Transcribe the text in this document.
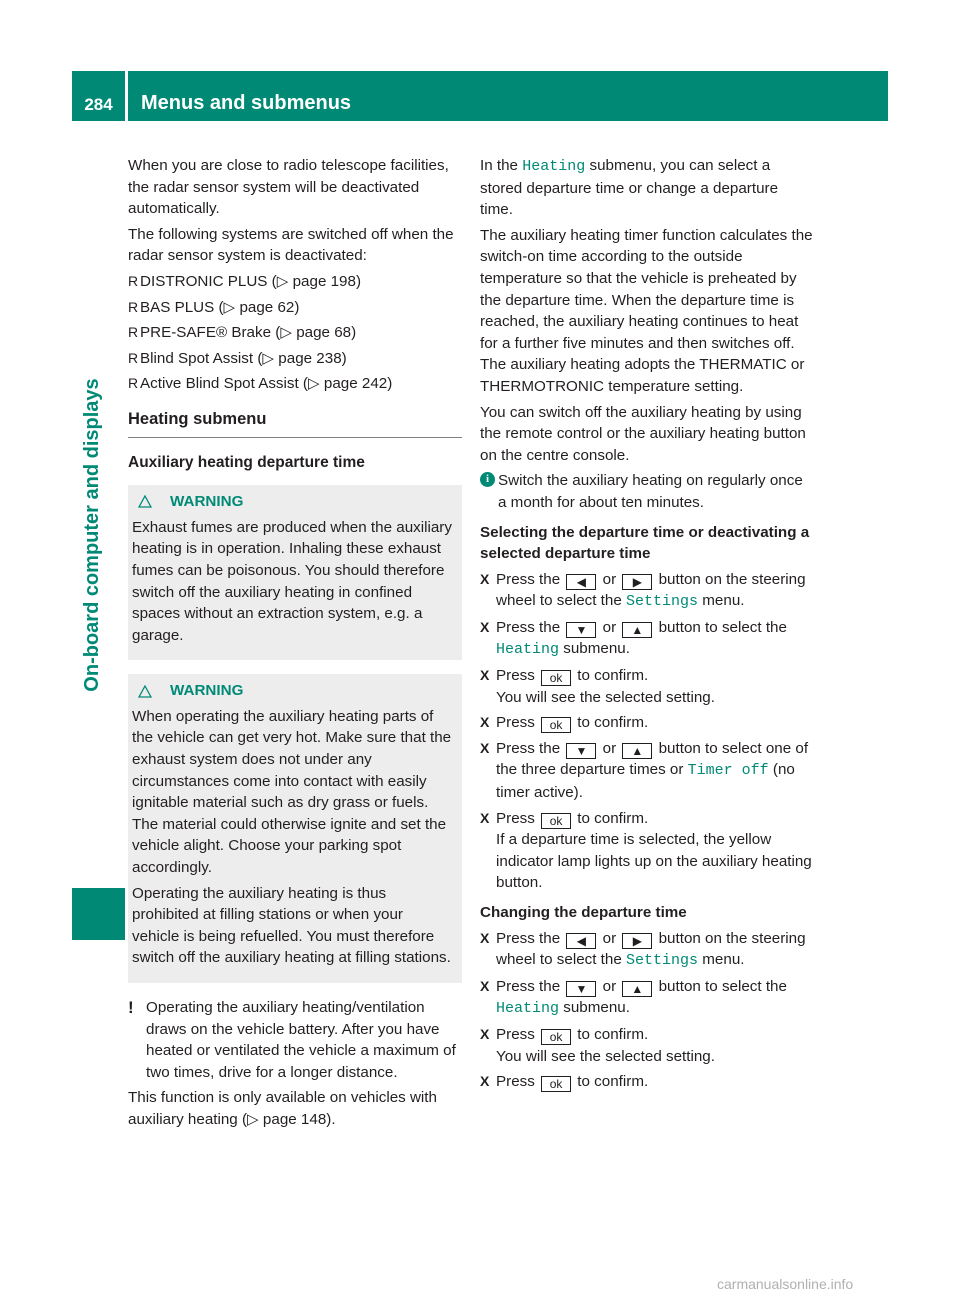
284	Menus and submenus
On-board computer and displays

When you are close to radio telescope facilities, the radar sensor system will be deactivated automatically.

The following systems are switched off when the radar sensor system is deactivated:

R DISTRONIC PLUS (▷ page 198)
R BAS PLUS (▷ page 62)
R PRE-SAFE® Brake (▷ page 68)
R Blind Spot Assist (▷ page 238)
R Active Blind Spot Assist (▷ page 242)
Heating submenu
Auxiliary heating departure time
WARNING

Exhaust fumes are produced when the auxiliary heating is in operation. Inhaling these exhaust fumes can be poisonous. You should therefore switch off the auxiliary heating in confined spaces without an extraction system, e.g. a garage.

WARNING

When operating the auxiliary heating parts of the vehicle can get very hot. Make sure that the exhaust system does not under any circumstances come into contact with easily ignitable material such as dry grass or fuels. The material could otherwise ignite and set the vehicle alight. Choose your parking spot accordingly.

Operating the auxiliary heating is thus prohibited at filling stations or when your vehicle is being refuelled. You must therefore switch off the auxiliary heating at filling stations.

! Operating the auxiliary heating/ventilation draws on the vehicle battery. After you have heated or ventilated the vehicle a maximum of two times, drive for a longer distance.

This function is only available on vehicles with auxiliary heating (▷ page 148).

In the Heating submenu, you can select a stored departure time or change a departure time.

The auxiliary heating timer function calculates the switch-on time according to the outside temperature so that the vehicle is preheated by the departure time. When the departure time is reached, the auxiliary heating continues to heat for a further five minutes and then switches off. The auxiliary heating adopts the THERMATIC or THERMOTRONIC temperature setting.

You can switch off the auxiliary heating by using the remote control or the auxiliary heating button on the centre console.

i Switch the auxiliary heating on regularly once a month for about ten minutes.
Selecting the departure time or deactivating a selected departure time
X Press the ◀ or ▶ button on the steering wheel to select the Settings menu.
X Press the ▼ or ▲ button to select the Heating submenu.
X Press ok to confirm.
You will see the selected setting.
X Press ok to confirm.
X Press the ▼ or ▲ button to select one of the three departure times or Timer off (no timer active).
X Press ok to confirm.
If a departure time is selected, the yellow indicator lamp lights up on the auxiliary heating button.
Changing the departure time
X Press the ◀ or ▶ button on the steering wheel to select the Settings menu.
X Press the ▼ or ▲ button to select the Heating submenu.
X Press ok to confirm.
You will see the selected setting.
X Press ok to confirm.
carmanualsonline.info
